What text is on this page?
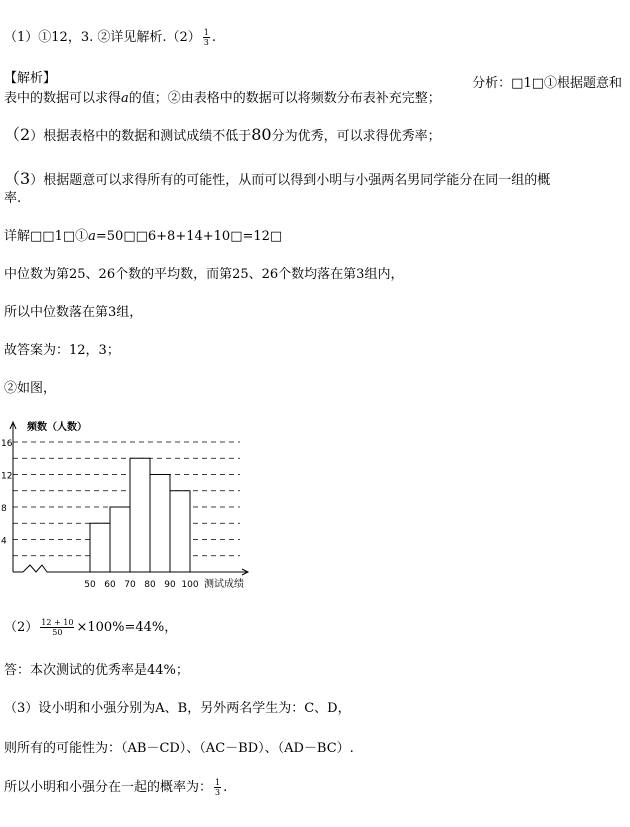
（1）①12，3. ②详见解析$.(2) \frac{1}{3}$ .
【解析】	分析：□1□①根据题意和
表中的数据可以求得a的值；②由表格中的数据可以将频数分布表补充完整；
（2）根据表格中的数据和测试成绩不低于80分为优秀，可以求得优秀率；
（3）根据题意可以求得所有的可能性，从而可以得到小明与小强两名男同学能分在同一组的概
率.
详解□□1□①a=50□□6+8+14+10□=12□
中位数为第25、26个数的平均数，而第25、26个数均落在第3组内，
所以中位数落在第3组，
故答案为：12，3；
②如图，
4
8
12
16
50 60 70 80 90 100
频数（人数）
测试成绩
$(2) \frac{12 + 10}{50} \times 100\%=44\%$，
答：本次测试的优秀率是44%；
（3）设小明和小强分别为A、B，另外两名学生为：C、D，
则所有的可能性为：（AB－CD）、（AC－BD）、（AD－BC）.
所以小明和小强分在一起的概率为： $\frac{1}{3}$ .
